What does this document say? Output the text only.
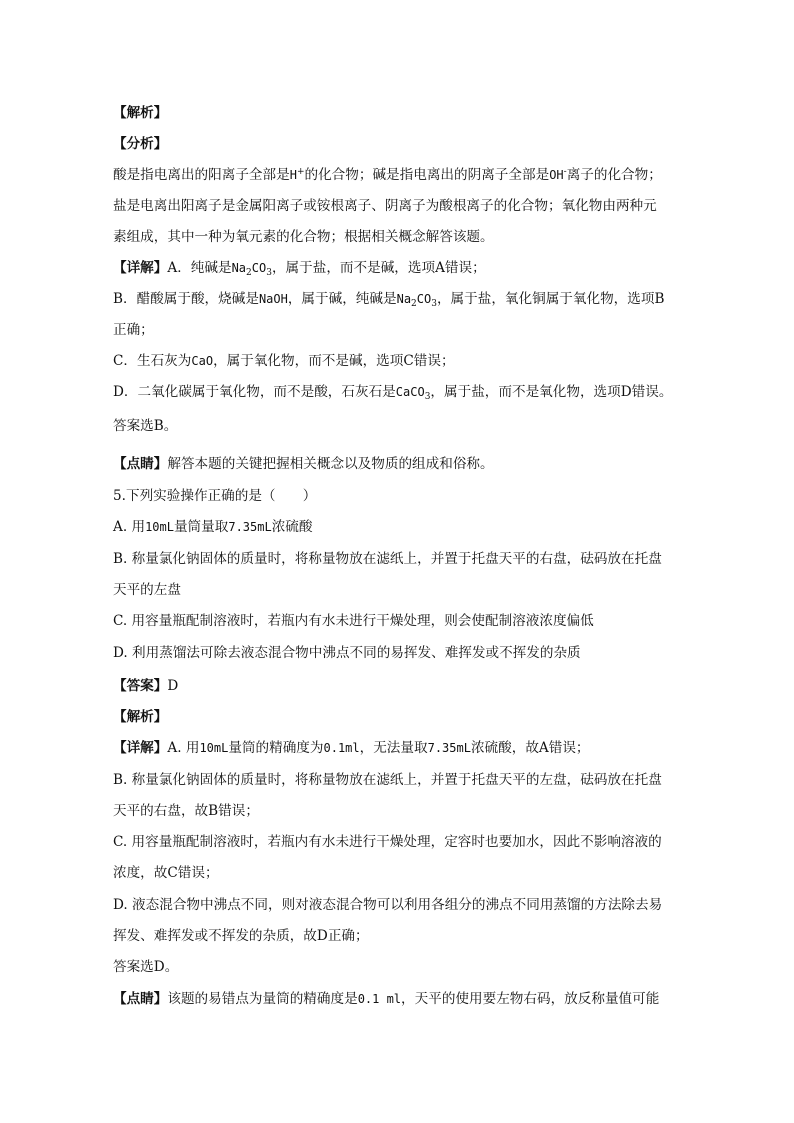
【解析】
【分析】
酸是指电离出的阳离子全部是H+的化合物；碱是指电离出的阴离子全部是OH-离子的化合物；
盐是电离出阳离子是金属阳离子或铵根离子、阴离子为酸根离子的化合物；氧化物由两种元
素组成，其中一种为氧元素的化合物；根据相关概念解答该题。
【详解】A．纯碱是$Na_2CO_3$，属于盐，而不是碱，选项A错误；
B．醋酸属于酸，烧碱是NaOH，属于碱，纯碱是$Na_2CO_3$，属于盐，氧化铜属于氧化物，选项B
正确；
C．生石灰为CaO，属于氧化物，而不是碱，选项C错误；
D．二氧化碳属于氧化物，而不是酸，石灰石是CaCO$_3$，属于盐，而不是氧化物，选项D错误。
答案选B。
【点睛】解答本题的关键把握相关概念以及物质的组成和俗称。
5.下列实验操作正确的是（　　）
A. 用10mL量筒量取7.35mL浓硫酸
B. 称量氯化钠固体的质量时，将称量物放在滤纸上，并置于托盘天平的右盘，砝码放在托盘
天平的左盘
C. 用容量瓶配制溶液时，若瓶内有水未进行干燥处理，则会使配制溶液浓度偏低
D. 利用蒸馏法可除去液态混合物中沸点不同的易挥发、难挥发或不挥发的杂质
【答案】D
【解析】
【详解】A. 用10mL量筒的精确度为0.1ml，无法量取7.35mL浓硫酸，故A错误；
B. 称量氯化钠固体的质量时，将称量物放在滤纸上，并置于托盘天平的左盘，砝码放在托盘
天平的右盘，故B错误；
C. 用容量瓶配制溶液时，若瓶内有水未进行干燥处理，定容时也要加水，因此不影响溶液的
浓度，故C错误；
D. 液态混合物中沸点不同，则对液态混合物可以利用各组分的沸点不同用蒸馏的方法除去易
挥发、难挥发或不挥发的杂质，故D正确；
答案选D。
【点睛】该题的易错点为量筒的精确度是0.1 ml，天平的使用要左物右码，放反称量值可能
